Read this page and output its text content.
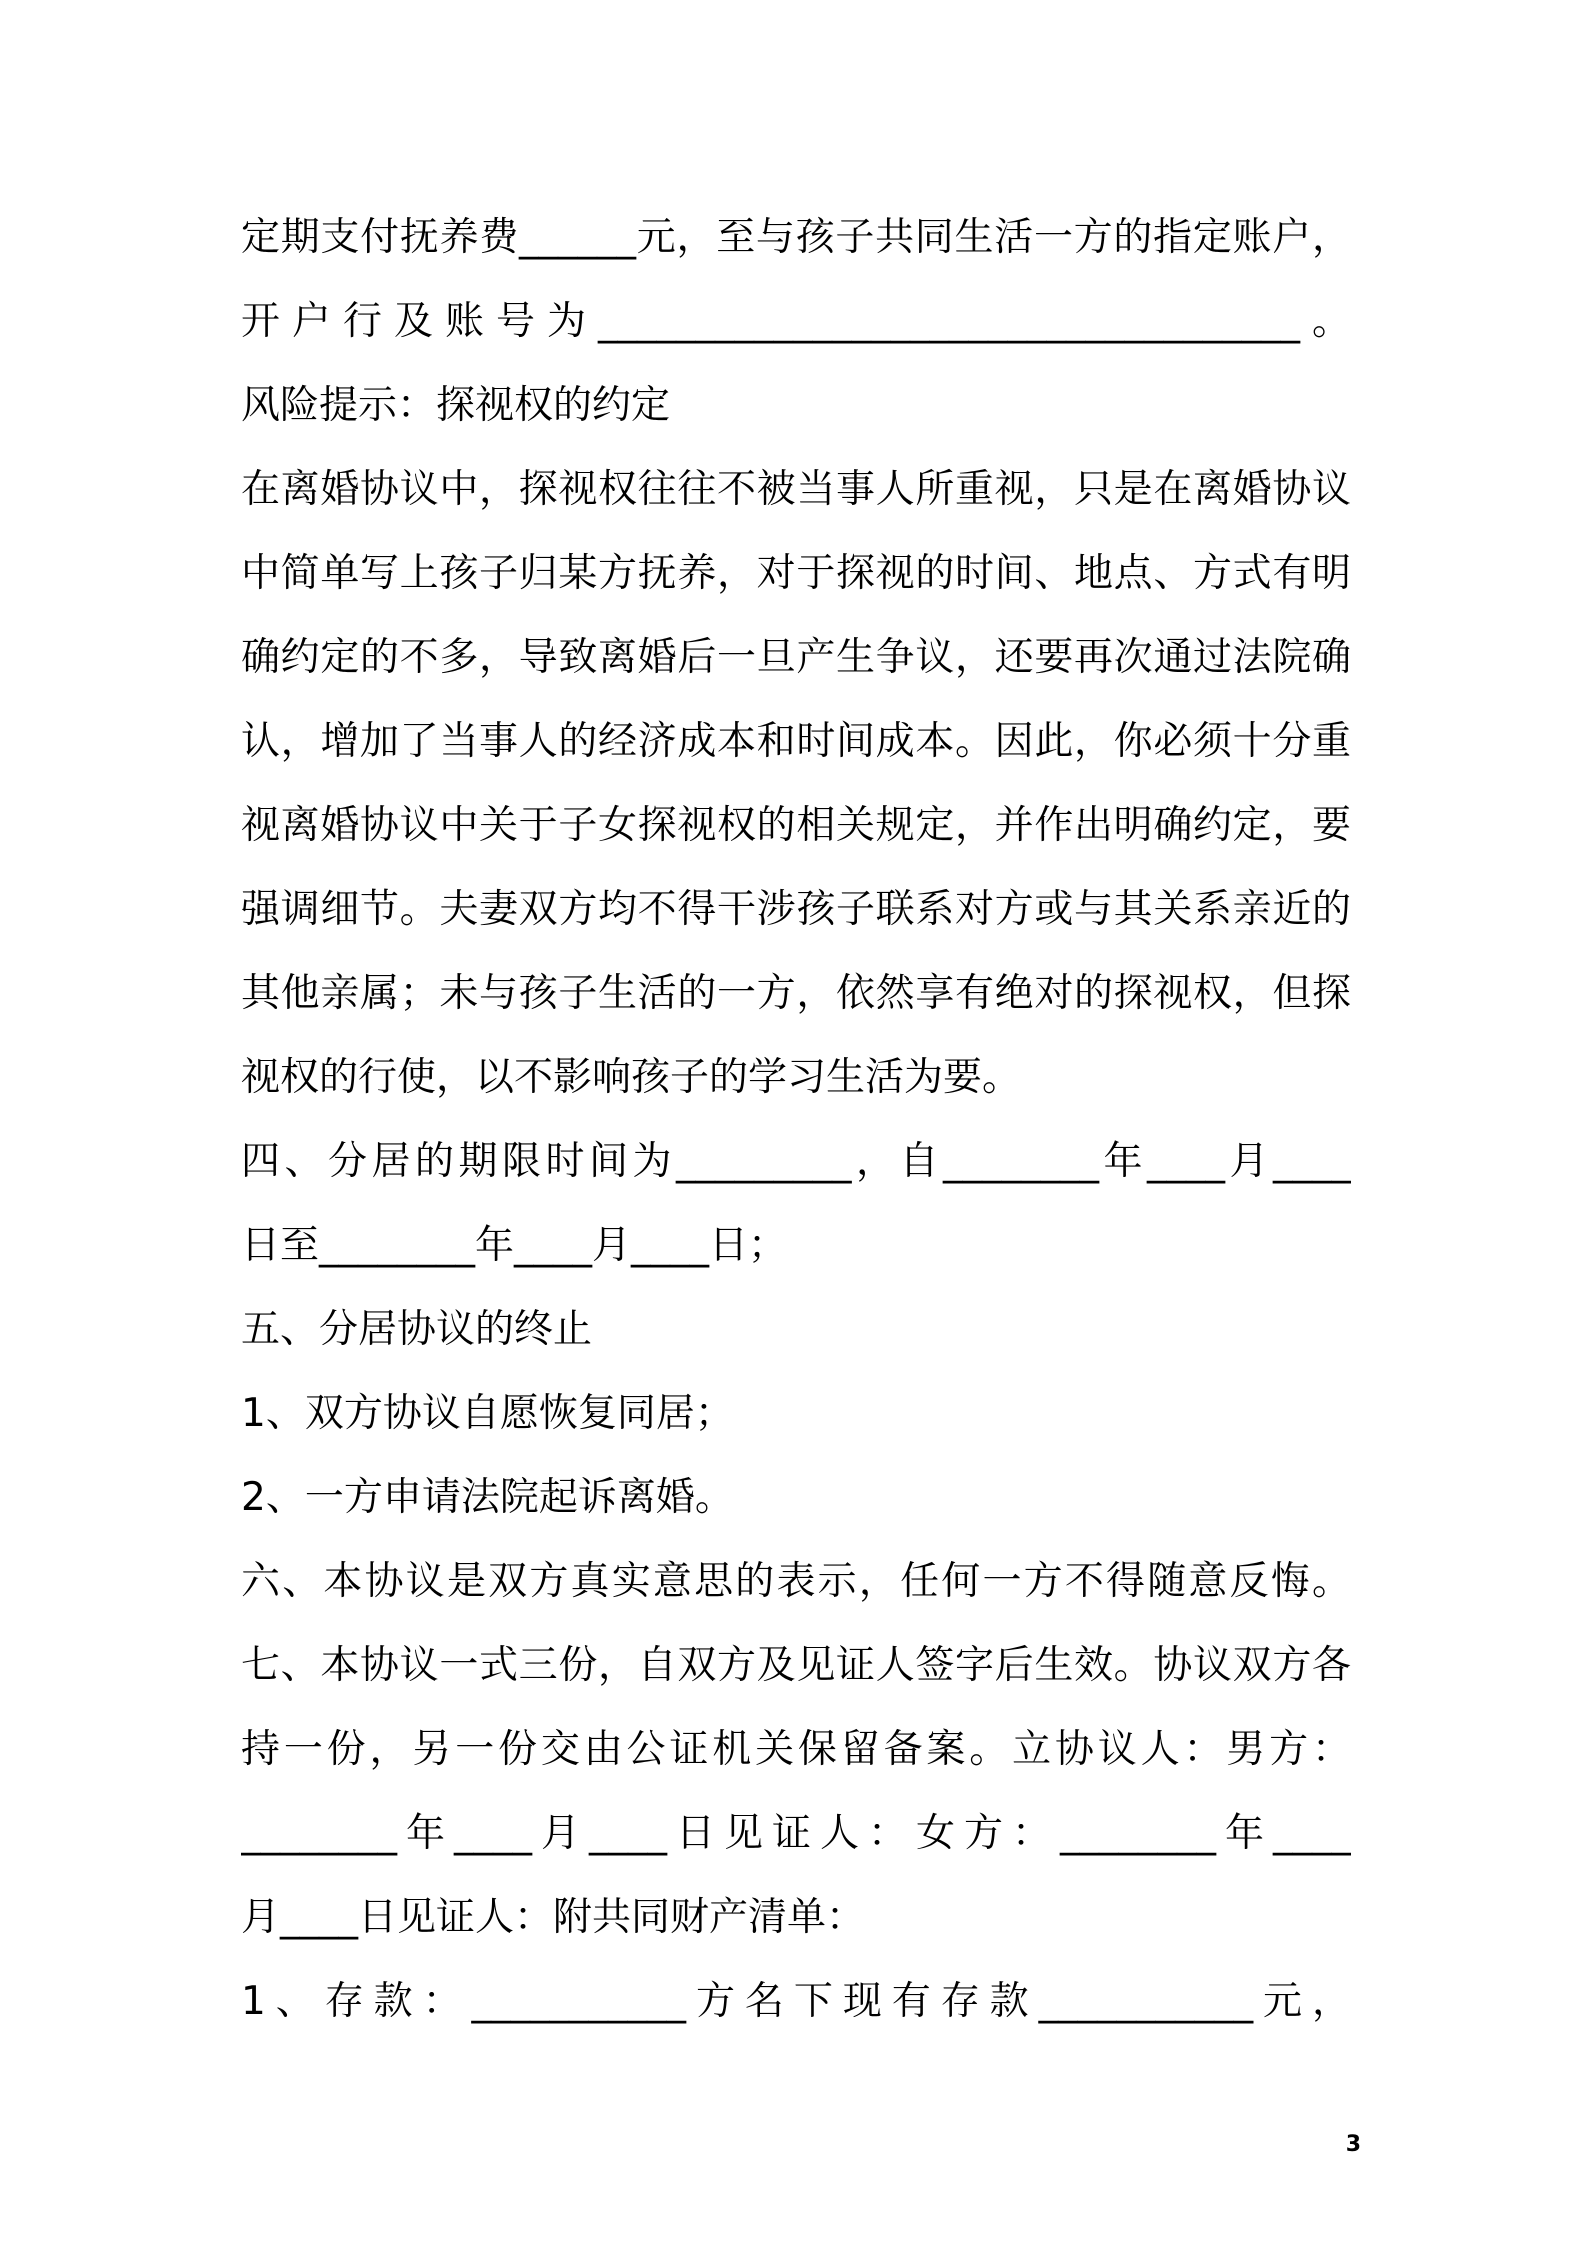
定期支付抚养费______元，至与孩子共同生活一方的指定账户，
开户行及账号为____________________________________。
风险提示：探视权的约定
在离婚协议中，探视权往往不被当事人所重视，只是在离婚协议
中简单写上孩子归某方抚养，对于探视的时间、地点、方式有明
确约定的不多，导致离婚后一旦产生争议，还要再次通过法院确
认，增加了当事人的经济成本和时间成本。因此，你必须十分重
视离婚协议中关于子女探视权的相关规定，并作出明确约定，要
强调细节。夫妻双方均不得干涉孩子联系对方或与其关系亲近的
其他亲属；未与孩子生活的一方，依然享有绝对的探视权，但探
视权的行使，以不影响孩子的学习生活为要。
四、分居的期限时间为_________，自________年____月____
日至________年____月____日；
五、分居协议的终止
1、双方协议自愿恢复同居；
2、一方申请法院起诉离婚。
六、本协议是双方真实意思的表示，任何一方不得随意反悔。
七、本协议一式三份，自双方及见证人签字后生效。协议双方各
持一份，另一份交由公证机关保留备案。立协议人：男方：
________年____月____日见证人：女方：________年____
月____日见证人：附共同财产清单：
1、存款：___________方名下现有存款___________元，
3
